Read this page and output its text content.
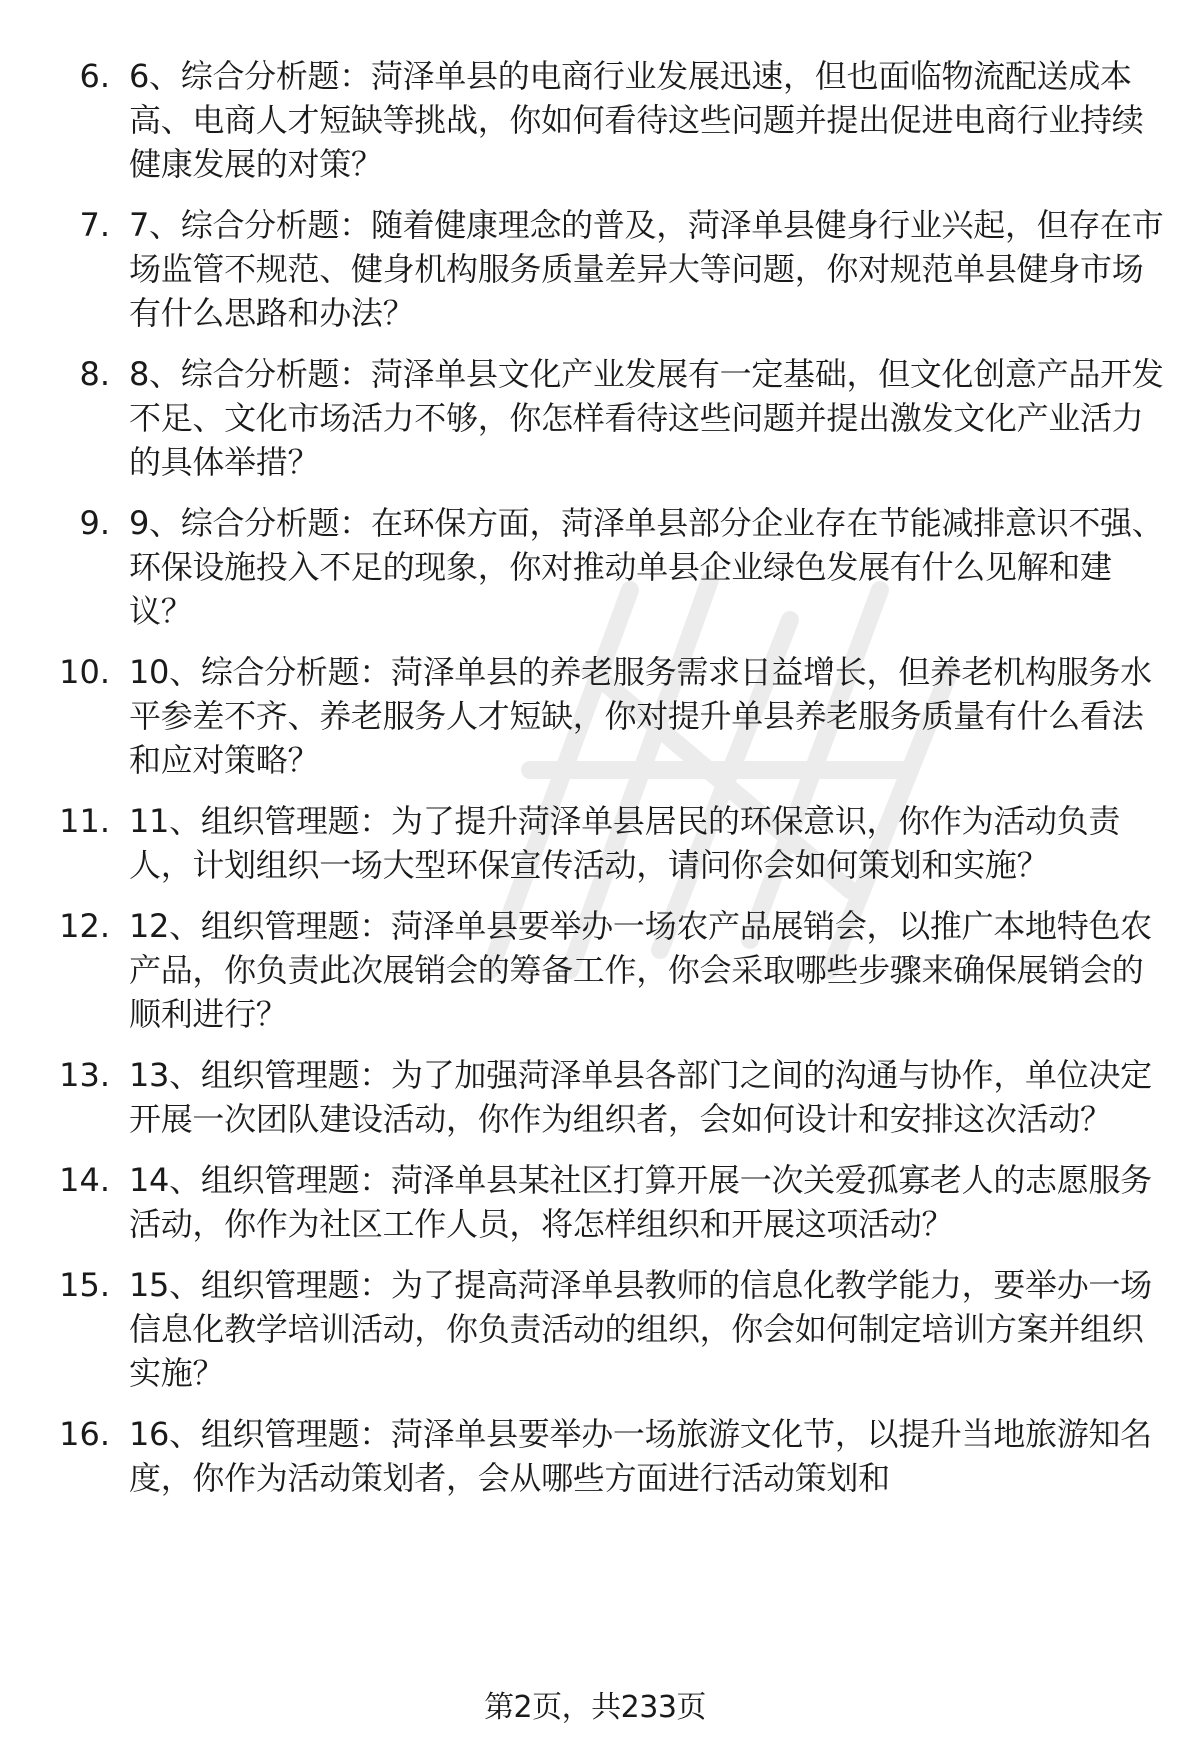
6. 6、综合分析题：菏泽单县的电商行业发展迅速，但也面临物流配送成本高、电商人才短缺等挑战，你如何看待这些问题并提出促进电商行业持续健康发展的对策？
7. 7、综合分析题：随着健康理念的普及，菏泽单县健身行业兴起，但存在市场监管不规范、健身机构服务质量差异大等问题，你对规范单县健身市场有什么思路和办法？
8. 8、综合分析题：菏泽单县文化产业发展有一定基础，但文化创意产品开发不足、文化市场活力不够，你怎样看待这些问题并提出激发文化产业活力的具体举措？
9. 9、综合分析题：在环保方面，菏泽单县部分企业存在节能减排意识不强、环保设施投入不足的现象，你对推动单县企业绿色发展有什么见解和建议？
10. 10、综合分析题：菏泽单县的养老服务需求日益增长，但养老机构服务水平参差不齐、养老服务人才短缺，你对提升单县养老服务质量有什么看法和应对策略？
11. 11、组织管理题：为了提升菏泽单县居民的环保意识，你作为活动负责人，计划组织一场大型环保宣传活动，请问你会如何策划和实施？
12. 12、组织管理题：菏泽单县要举办一场农产品展销会，以推广本地特色农产品，你负责此次展销会的筹备工作，你会采取哪些步骤来确保展销会的顺利进行？
13. 13、组织管理题：为了加强菏泽单县各部门之间的沟通与协作，单位决定开展一次团队建设活动，你作为组织者，会如何设计和安排这次活动？
14. 14、组织管理题：菏泽单县某社区打算开展一次关爱孤寡老人的志愿服务活动，你作为社区工作人员，将怎样组织和开展这项活动？
15. 15、组织管理题：为了提高菏泽单县教师的信息化教学能力，要举办一场信息化教学培训活动，你负责活动的组织，你会如何制定培训方案并组织实施？
16. 16、组织管理题：菏泽单县要举办一场旅游文化节，以提升当地旅游知名度，你作为活动策划者，会从哪些方面进行活动策划和
第2页，共233页
